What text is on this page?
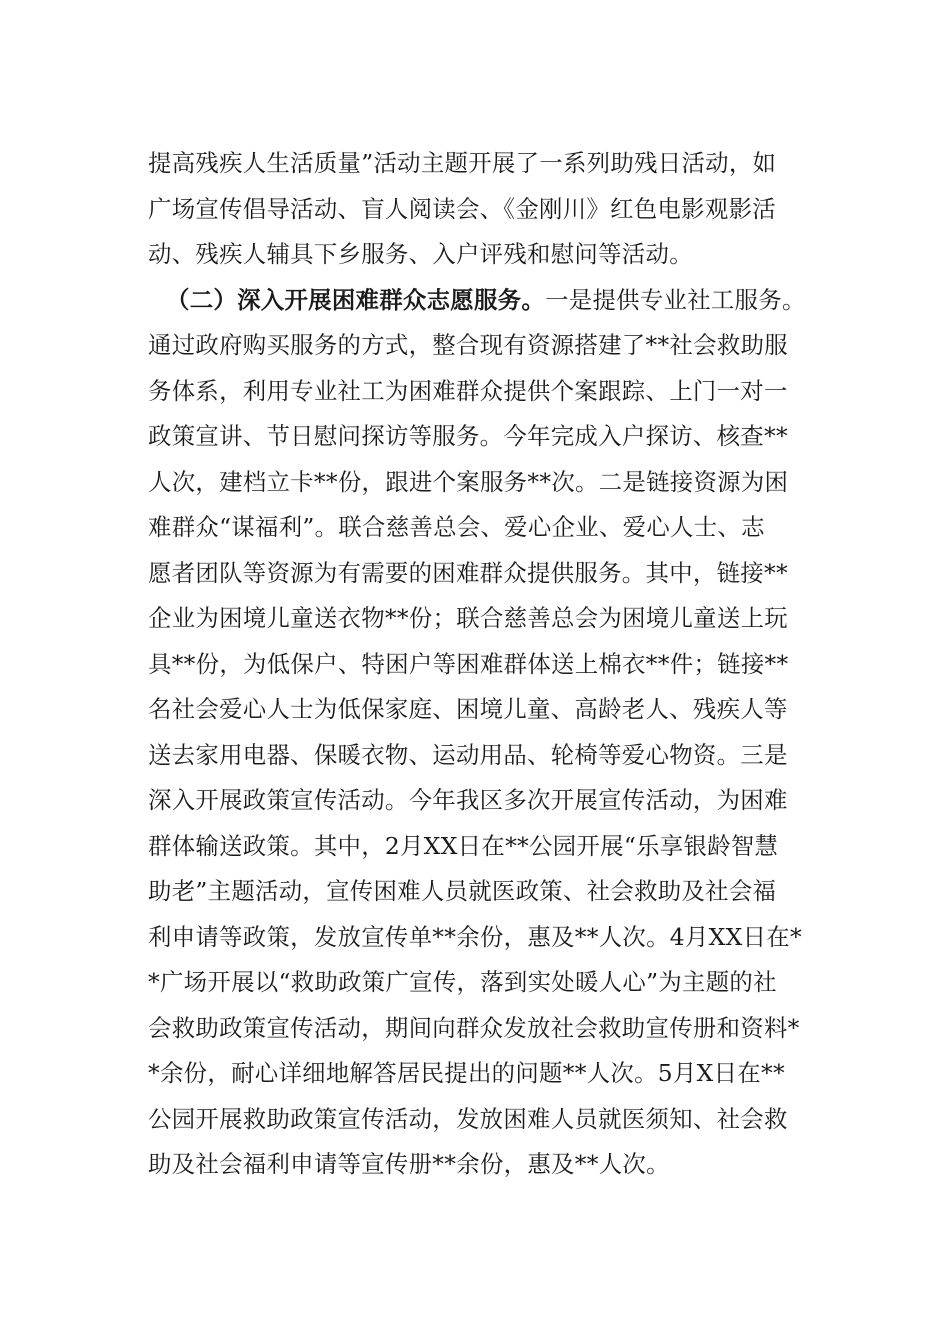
提高残疾人生活质量”活动主题开展了一系列助残日活动，如
广场宣传倡导活动、盲人阅读会、《金刚川》红色电影观影活
动、残疾人辅具下乡服务、入户评残和慰问等活动。
（二）深入开展困难群众志愿服务。一是提供专业社工服务。
通过政府购买服务的方式，整合现有资源搭建了**社会救助服
务体系，利用专业社工为困难群众提供个案跟踪、上门一对一
政策宣讲、节日慰问探访等服务。今年完成入户探访、核查**
人次，建档立卡**份，跟进个案服务**次。二是链接资源为困
难群众“谋福利”。联合慈善总会、爱心企业、爱心人士、志
愿者团队等资源为有需要的困难群众提供服务。其中，链接**
企业为困境儿童送衣物**份；联合慈善总会为困境儿童送上玩
具**份，为低保户、特困户等困难群体送上棉衣**件；链接**
名社会爱心人士为低保家庭、困境儿童、高龄老人、残疾人等
送去家用电器、保暖衣物、运动用品、轮椅等爱心物资。三是
深入开展政策宣传活动。今年我区多次开展宣传活动，为困难
群体输送政策。其中，2月XX日在**公园开展“乐享银龄智慧
助老”主题活动，宣传困难人员就医政策、社会救助及社会福
利申请等政策，发放宣传单**余份，惠及**人次。4月XX日在*
*广场开展以“救助政策广宣传，落到实处暖人心”为主题的社
会救助政策宣传活动，期间向群众发放社会救助宣传册和资料*
*余份，耐心详细地解答居民提出的问题**人次。5月X日在**
公园开展救助政策宣传活动，发放困难人员就医须知、社会救
助及社会福利申请等宣传册**余份，惠及**人次。
